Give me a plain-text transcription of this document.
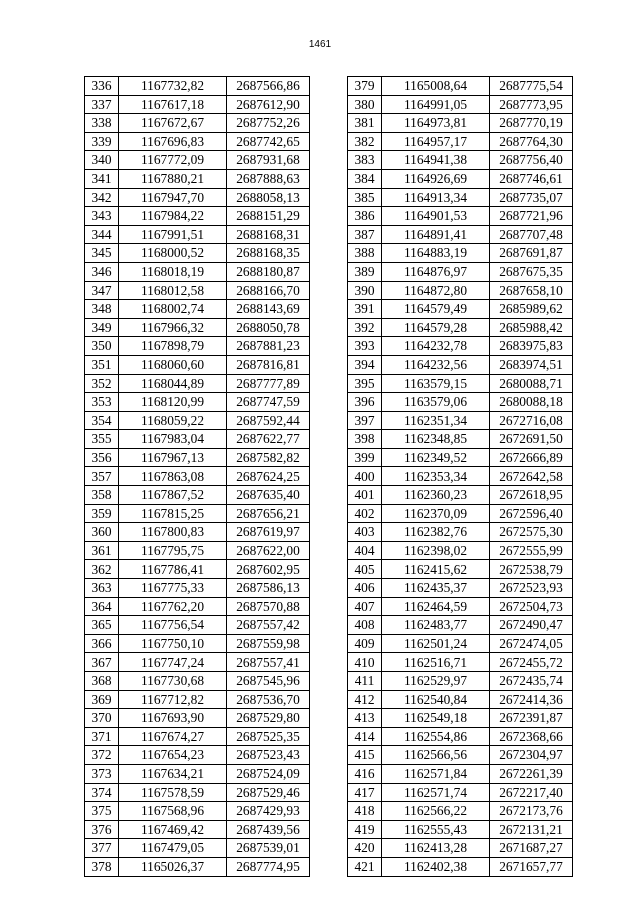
1461
336	1167732,82	2687566,86
337	1167617,18	2687612,90
338	1167672,67	2687752,26
339	1167696,83	2687742,65
340	1167772,09	2687931,68
341	1167880,21	2687888,63
342	1167947,70	2688058,13
343	1167984,22	2688151,29
344	1167991,51	2688168,31
345	1168000,52	2688168,35
346	1168018,19	2688180,87
347	1168012,58	2688166,70
348	1168002,74	2688143,69
349	1167966,32	2688050,78
350	1167898,79	2687881,23
351	1168060,60	2687816,81
352	1168044,89	2687777,89
353	1168120,99	2687747,59
354	1168059,22	2687592,44
355	1167983,04	2687622,77
356	1167967,13	2687582,82
357	1167863,08	2687624,25
358	1167867,52	2687635,40
359	1167815,25	2687656,21
360	1167800,83	2687619,97
361	1167795,75	2687622,00
362	1167786,41	2687602,95
363	1167775,33	2687586,13
364	1167762,20	2687570,88
365	1167756,54	2687557,42
366	1167750,10	2687559,98
367	1167747,24	2687557,41
368	1167730,68	2687545,96
369	1167712,82	2687536,70
370	1167693,90	2687529,80
371	1167674,27	2687525,35
372	1167654,23	2687523,43
373	1167634,21	2687524,09
374	1167578,59	2687529,46
375	1167568,96	2687429,93
376	1167469,42	2687439,56
377	1167479,05	2687539,01
378	1165026,37	2687774,95
379	1165008,64	2687775,54
380	1164991,05	2687773,95
381	1164973,81	2687770,19
382	1164957,17	2687764,30
383	1164941,38	2687756,40
384	1164926,69	2687746,61
385	1164913,34	2687735,07
386	1164901,53	2687721,96
387	1164891,41	2687707,48
388	1164883,19	2687691,87
389	1164876,97	2687675,35
390	1164872,80	2687658,10
391	1164579,49	2685989,62
392	1164579,28	2685988,42
393	1164232,78	2683975,83
394	1164232,56	2683974,51
395	1163579,15	2680088,71
396	1163579,06	2680088,18
397	1162351,34	2672716,08
398	1162348,85	2672691,50
399	1162349,52	2672666,89
400	1162353,34	2672642,58
401	1162360,23	2672618,95
402	1162370,09	2672596,40
403	1162382,76	2672575,30
404	1162398,02	2672555,99
405	1162415,62	2672538,79
406	1162435,37	2672523,93
407	1162464,59	2672504,73
408	1162483,77	2672490,47
409	1162501,24	2672474,05
410	1162516,71	2672455,72
411	1162529,97	2672435,74
412	1162540,84	2672414,36
413	1162549,18	2672391,87
414	1162554,86	2672368,66
415	1162566,56	2672304,97
416	1162571,84	2672261,39
417	1162571,74	2672217,40
418	1162566,22	2672173,76
419	1162555,43	2672131,21
420	1162413,28	2671687,27
421	1162402,38	2671657,77
